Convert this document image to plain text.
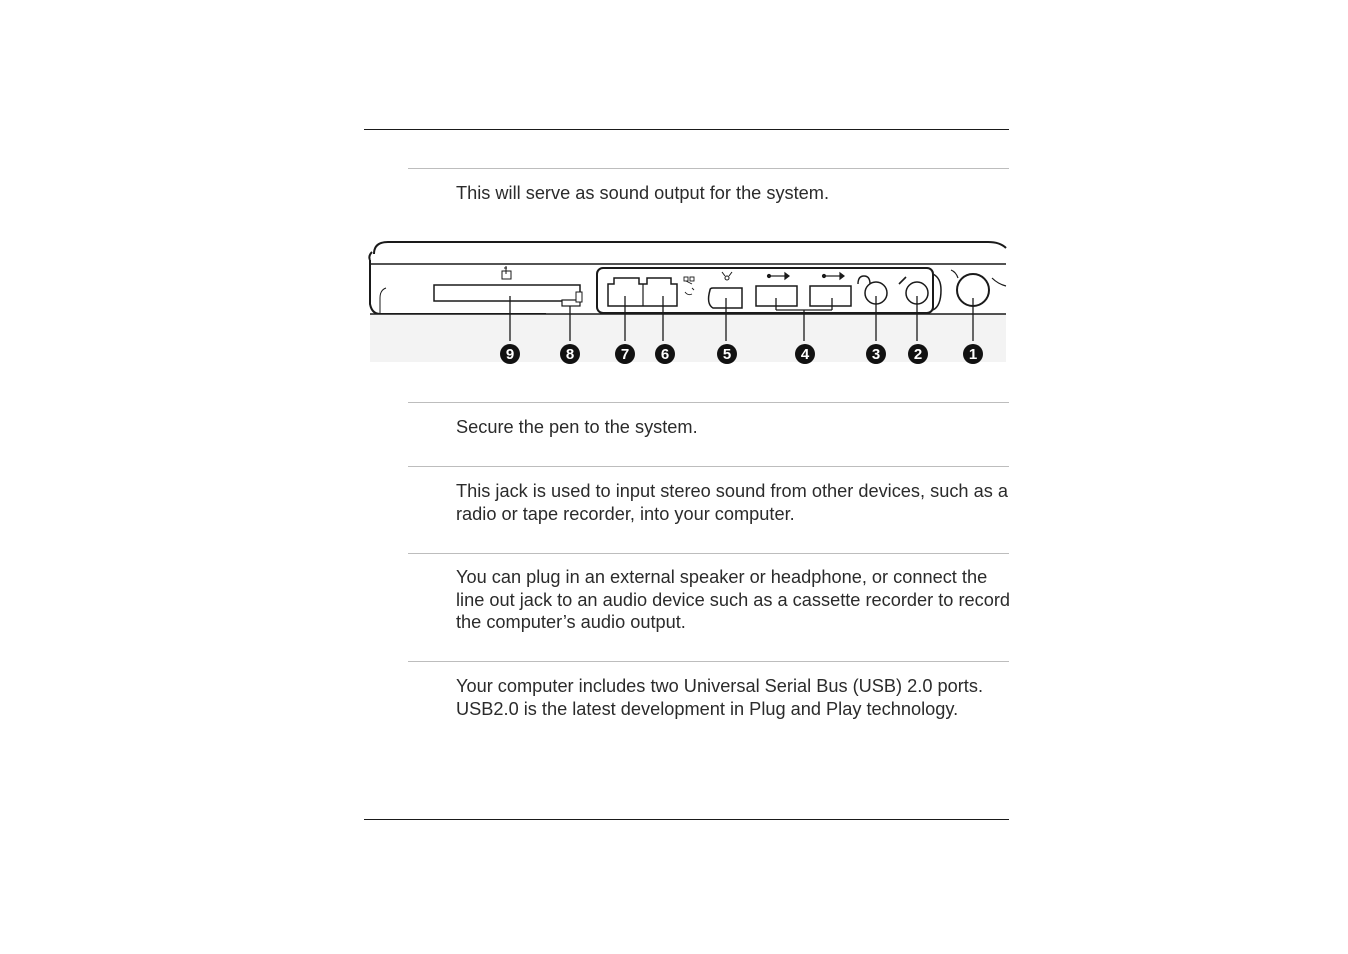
This will serve as sound output for the system.

9	8	7 6	5	4	3 2	1

Secure the pen to the system.

This jack is used to input stereo sound from other devices, such as a radio or tape recorder, into your computer.

You can plug in an external speaker or headphone, or connect the line out jack to an audio device such as a cassette recorder to record the computer’s audio output.

Your computer includes two Universal Serial Bus (USB) 2.0 ports. USB2.0 is the latest development in Plug and Play technology.
